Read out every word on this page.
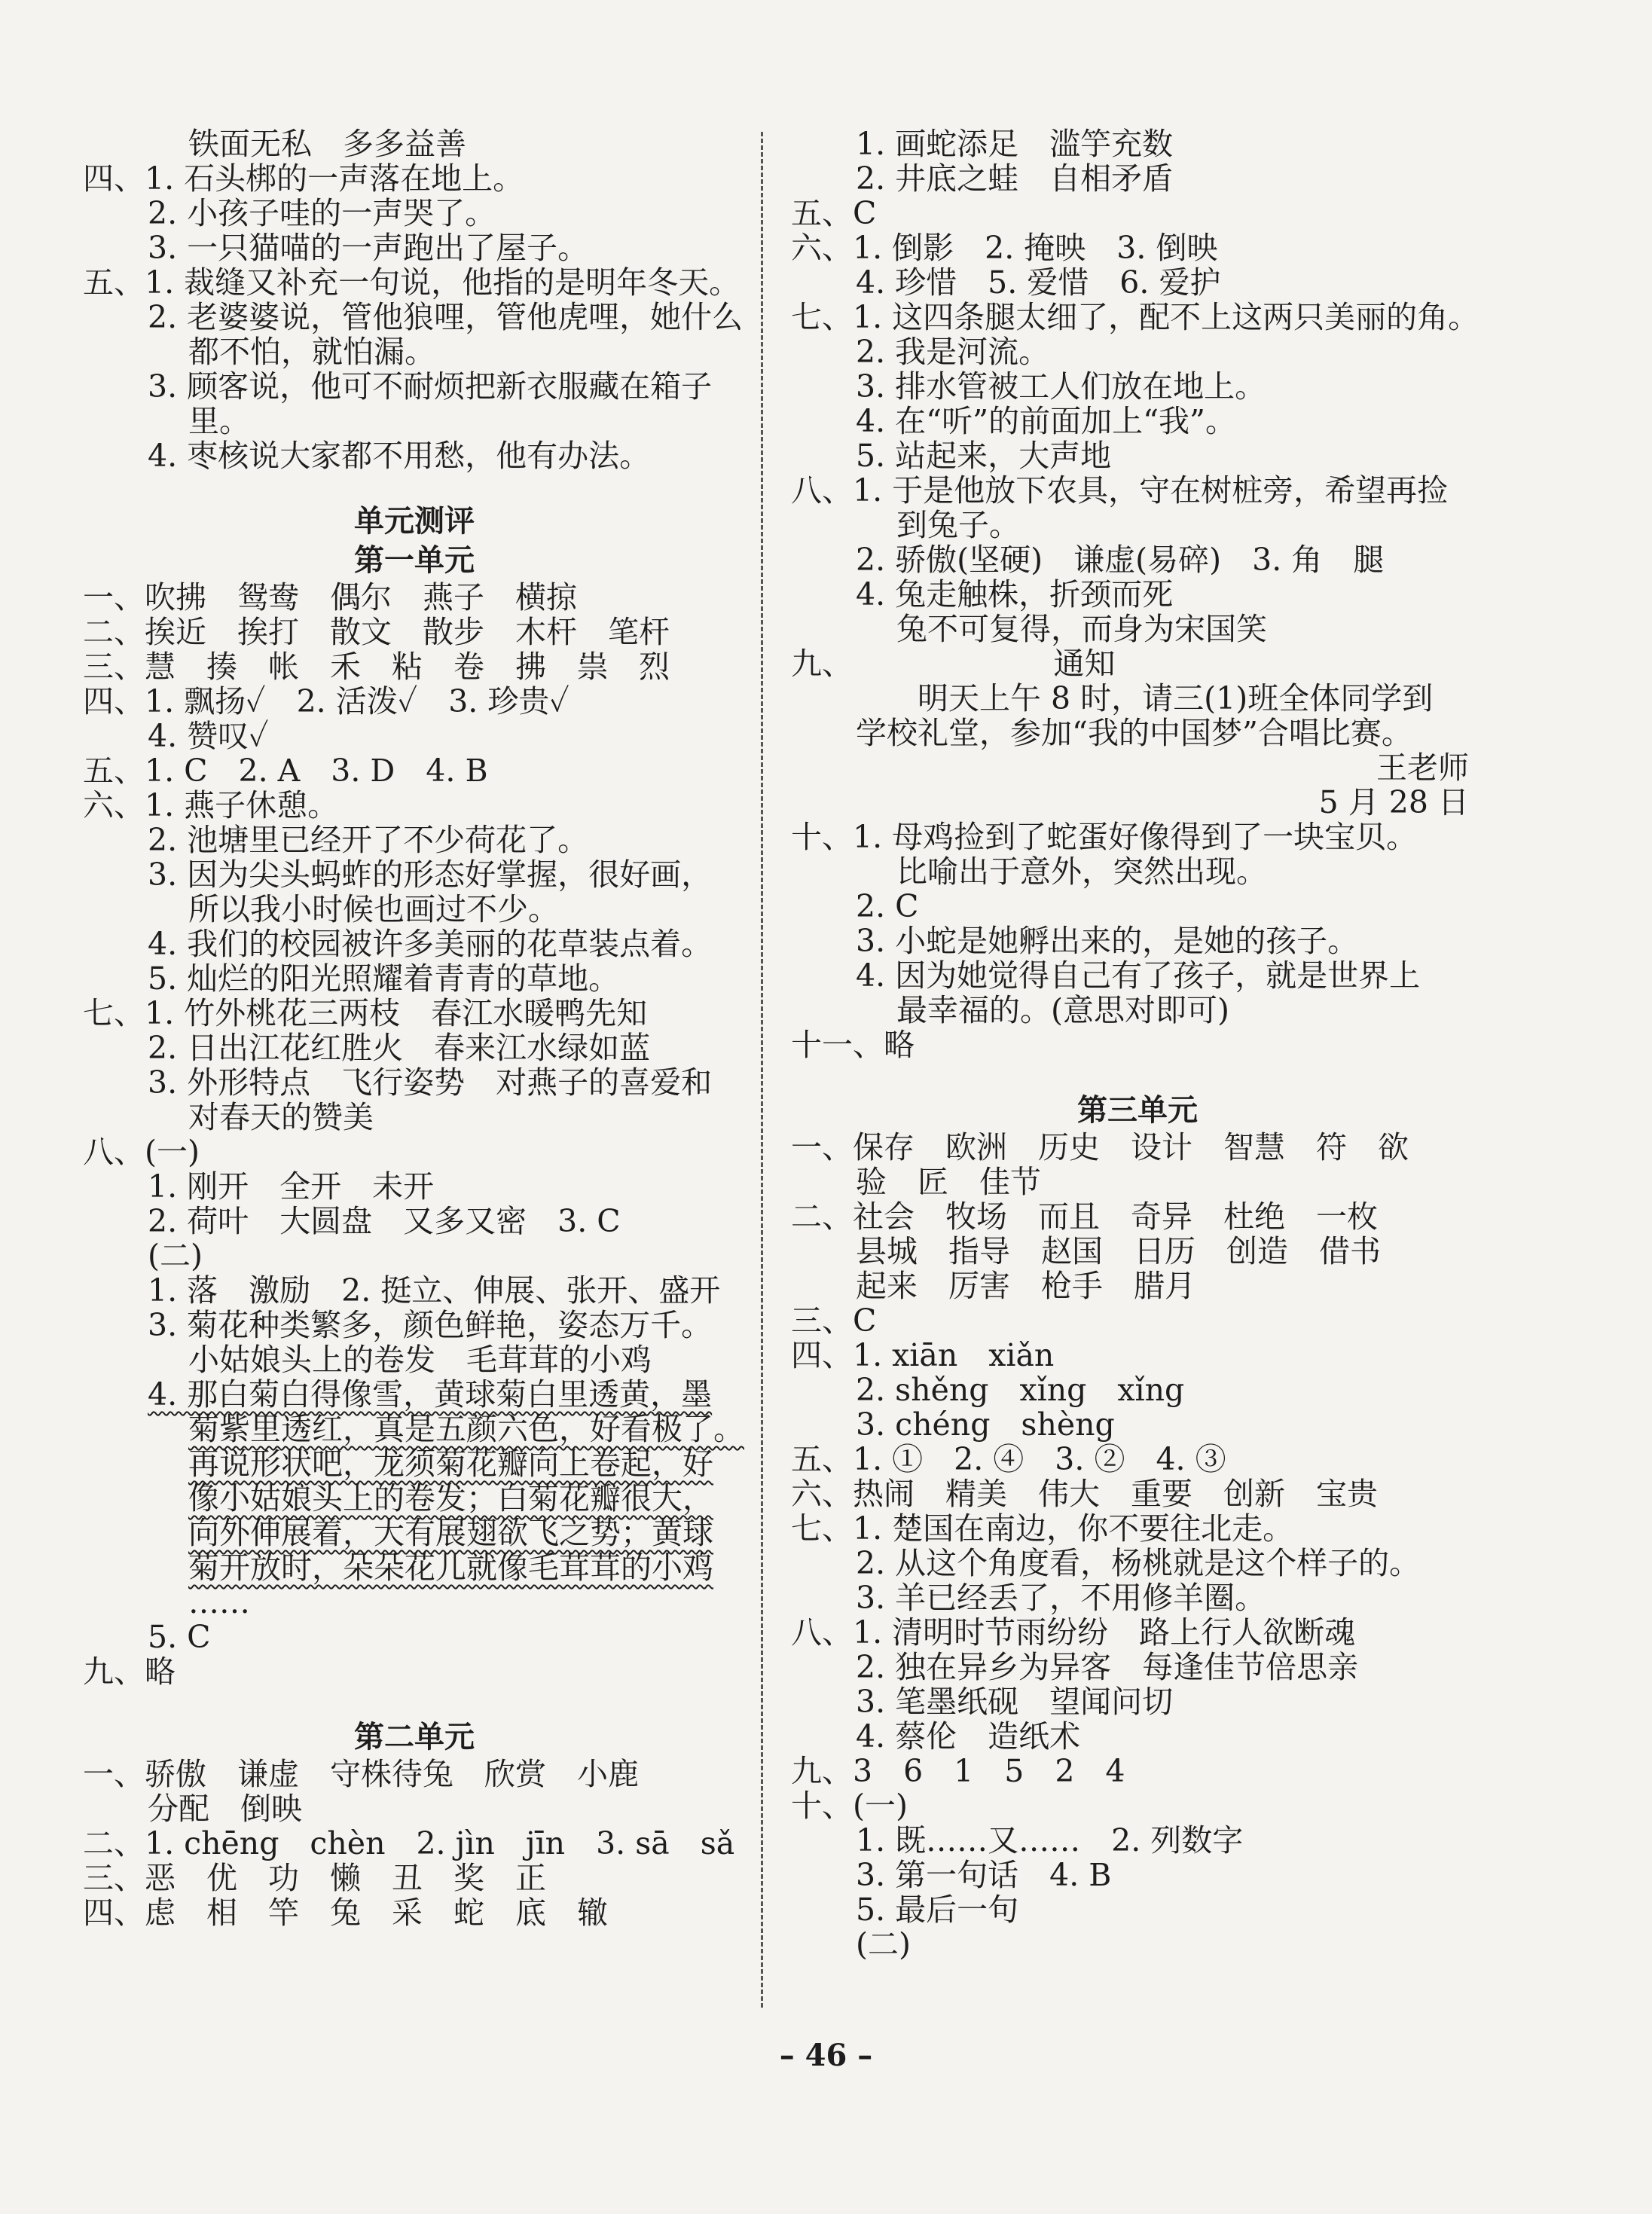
铁面无私　多多益善
四、1. 石头梆的一声落在地上。
2. 小孩子哇的一声哭了。
3. 一只猫喵的一声跑出了屋子。
五、1. 裁缝又补充一句说，他指的是明年冬天。
2. 老婆婆说，管他狼哩，管他虎哩，她什么
都不怕，就怕漏。
3. 顾客说，他可不耐烦把新衣服藏在箱子
里。
4. 枣核说大家都不用愁，他有办法。
单元测评
第一单元
一、吹拂　鸳鸯　偶尔　燕子　横掠
二、挨近　挨打　散文　散步　木杆　笔杆
三、慧　揍　帐　禾　粘　卷　拂　祟　烈
四、1. 飘扬✓　2. 活泼✓　3. 珍贵✓
4. 赞叹✓
五、1. C　2. A　3. D　4. B
六、1. 燕子休憩。
2. 池塘里已经开了不少荷花了。
3. 因为尖头蚂蚱的形态好掌握，很好画，
所以我小时候也画过不少。
4. 我们的校园被许多美丽的花草装点着。
5. 灿烂的阳光照耀着青青的草地。
七、1. 竹外桃花三两枝　春江水暖鸭先知
2. 日出江花红胜火　春来江水绿如蓝
3. 外形特点　飞行姿势　对燕子的喜爱和
对春天的赞美
八、(一)
1. 刚开　全开　未开
2. 荷叶　大圆盘　又多又密　3. C
(二)
1. 落　激励　2. 挺立、伸展、张开、盛开
3. 菊花种类繁多，颜色鲜艳，姿态万千。
小姑娘头上的卷发　毛茸茸的小鸡
4. 那白菊白得像雪，黄球菊白里透黄，墨
菊紫里透红，真是五颜六色，好看极了。
再说形状吧，龙须菊花瓣向上卷起，好
像小姑娘头上的卷发；白菊花瓣很大，
向外伸展着，大有展翅欲飞之势；黄球
菊开放时，朵朵花儿就像毛茸茸的小鸡
……
5. C
九、略
第二单元
一、骄傲　谦虚　守株待兔　欣赏　小鹿
分配　倒映
二、1. chēng　chèn　2. jìn　jīn　3. sā　sǎ
三、恶　优　功　懒　丑　奖　正
四、虑　相　竿　兔　采　蛇　底　辙
1. 画蛇添足　滥竽充数
2. 井底之蛙　自相矛盾
五、C
六、1. 倒影　2. 掩映　3. 倒映
4. 珍惜　5. 爱惜　6. 爱护
七、1. 这四条腿太细了，配不上这两只美丽的角。
2. 我是河流。
3. 排水管被工人们放在地上。
4. 在“听”的前面加上“我”。
5. 站起来，大声地
八、1. 于是他放下农具，守在树桩旁，希望再捡
到兔子。
2. 骄傲(坚硬)　谦虚(易碎)　3. 角　腿
4. 兔走触株，折颈而死
兔不可复得，而身为宋国笑
九、　　　　　　　通知
　　明天上午 8 时，请三(1)班全体同学到
学校礼堂，参加“我的中国梦”合唱比赛。
王老师
5 月 28 日
十、1. 母鸡捡到了蛇蛋好像得到了一块宝贝。
比喻出于意外，突然出现。
2. C
3. 小蛇是她孵出来的，是她的孩子。
4. 因为她觉得自己有了孩子，就是世界上
最幸福的。(意思对即可)
十一、略
第三单元
一、保存　欧洲　历史　设计　智慧　符　欲
验　匠　佳节
二、社会　牧场　而且　奇异　杜绝　一枚
县城　指导　赵国　日历　创造　借书
起来　厉害　枪手　腊月
三、C
四、1. xiān　xiǎn
2. shěng　xǐng　xǐng
3. chéng　shèng
五、1. ①　2. ④　3. ②　4. ③
六、热闹　精美　伟大　重要　创新　宝贵
七、1. 楚国在南边，你不要往北走。
2. 从这个角度看，杨桃就是这个样子的。
3. 羊已经丢了，不用修羊圈。
八、1. 清明时节雨纷纷　路上行人欲断魂
2. 独在异乡为异客　每逢佳节倍思亲
3. 笔墨纸砚　望闻问切
4. 蔡伦　造纸术
九、3　6　1　5　2　4
十、(一)
1. 既……又……　2. 列数字
3. 第一句话　4. B
5. 最后一句
(二)
– 46 –
